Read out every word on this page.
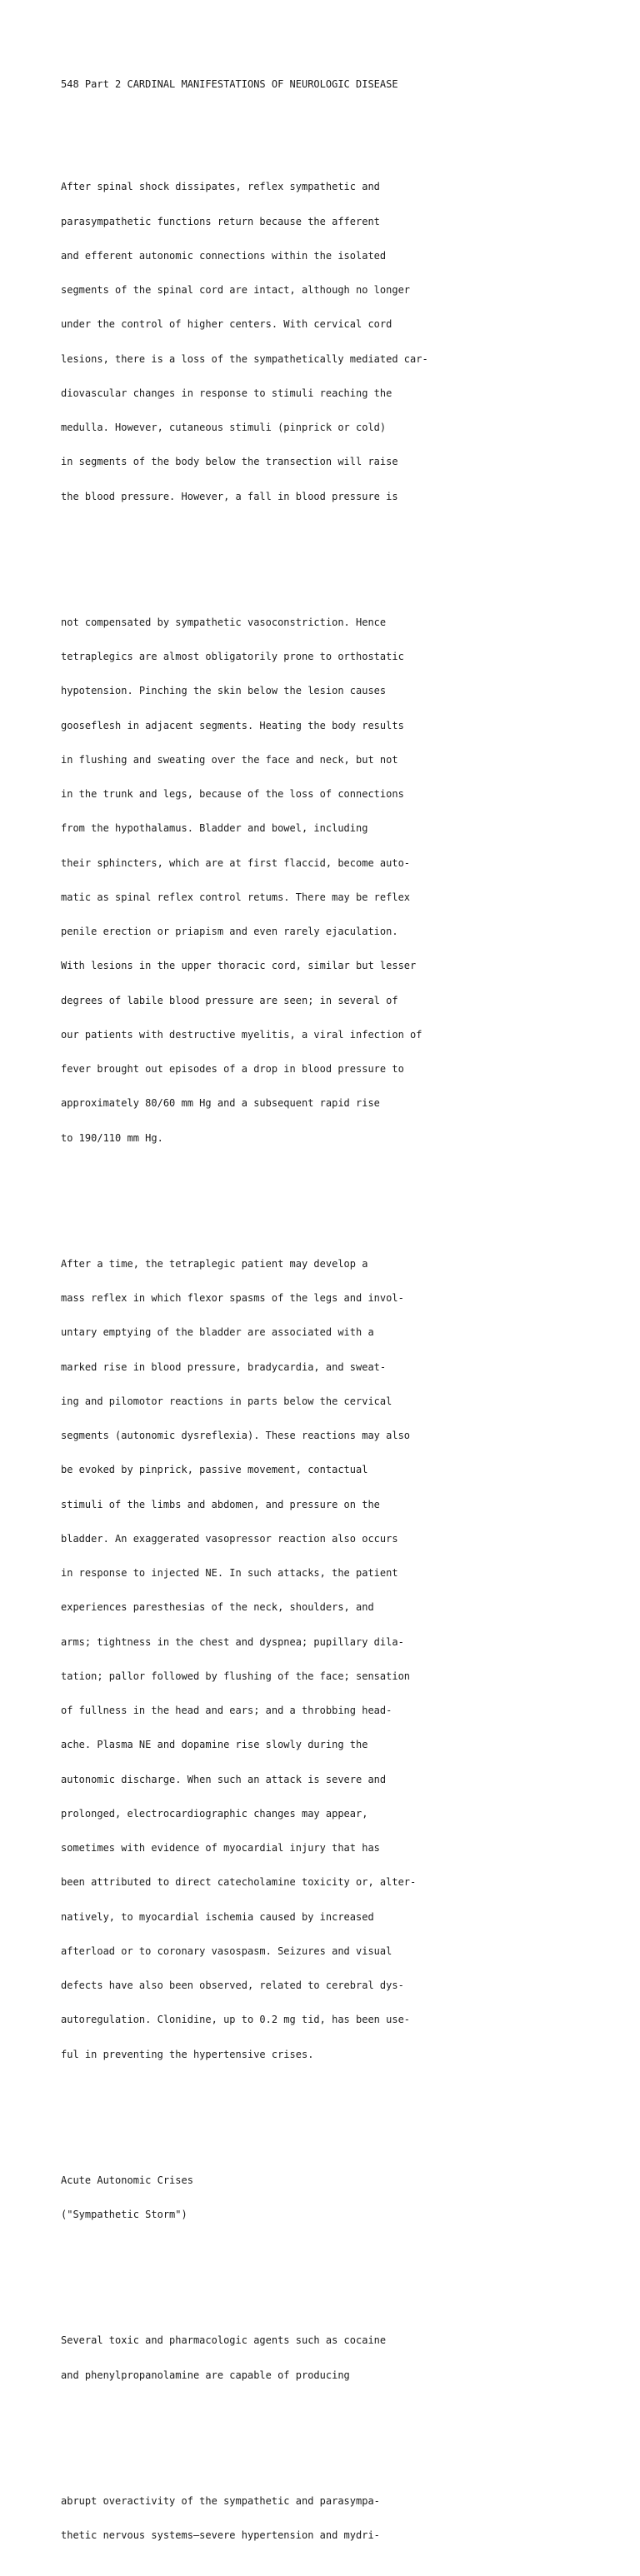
548 Part 2 CARDINAL MANIFESTATIONS OF NEUROLOGIC DISEASE

After spinal shock dissipates, reflex sympathetic and

parasympathetic functions return because the afferent

and efferent autonomic connections within the isolated

segments of the spinal cord are intact, although no longer

under the control of higher centers. With cervical cord

lesions, there is a loss of the sympathetically mediated car-

diovascular changes in response to stimuli reaching the

medulla. However, cutaneous stimuli (pinprick or cold)

in segments of the body below the transection will raise

the blood pressure. However, a fall in blood pressure is

not compensated by sympathetic vasoconstriction. Hence

tetraplegics are almost obligatorily prone to orthostatic

hypotension. Pinching the skin below the lesion causes

gooseflesh in adjacent segments. Heating the body results

in flushing and sweating over the face and neck, but not

in the trunk and legs, because of the loss of connections

from the hypothalamus. Bladder and bowel, including

their sphincters, which are at first flaccid, become auto-

matic as spinal reflex control retums. There may be reflex

penile erection or priapism and even rarely ejaculation.

With lesions in the upper thoracic cord, similar but lesser

degrees of labile blood pressure are seen; in several of

our patients with destructive myelitis, a viral infection of

fever brought out episodes of a drop in blood pressure to

approximately 80/60 mm Hg and a subsequent rapid rise

to 190/110 mm Hg.

After a time, the tetraplegic patient may develop a

mass reflex in which flexor spasms of the legs and invol-

untary emptying of the bladder are associated with a

marked rise in blood pressure, bradycardia, and sweat-

ing and pilomotor reactions in parts below the cervical

segments (autonomic dysreflexia). These reactions may also

be evoked by pinprick, passive movement, contactual

stimuli of the limbs and abdomen, and pressure on the

bladder. An exaggerated vasopressor reaction also occurs

in response to injected NE. In such attacks, the patient

experiences paresthesias of the neck, shoulders, and

arms; tightness in the chest and dyspnea; pupillary dila-

tation; pallor followed by flushing of the face; sensation

of fullness in the head and ears; and a throbbing head-

ache. Plasma NE and dopamine rise slowly during the

autonomic discharge. When such an attack is severe and

prolonged, electrocardiographic changes may appear,

sometimes with evidence of myocardial injury that has

been attributed to direct catecholamine toxicity or, alter-

natively, to myocardial ischemia caused by increased

afterload or to coronary vasospasm. Seizures and visual

defects have also been observed, related to cerebral dys-

autoregulation. Clonidine, up to 0.2 mg tid, has been use-

ful in preventing the hypertensive crises.

Acute Autonomic Crises

("Sympathetic Storm")

Several toxic and pharmacologic agents such as cocaine

and phenylpropanolamine are capable of producing

abrupt overactivity of the sympathetic and parasympa-

thetic nervous systems—severe hypertension and mydri-
